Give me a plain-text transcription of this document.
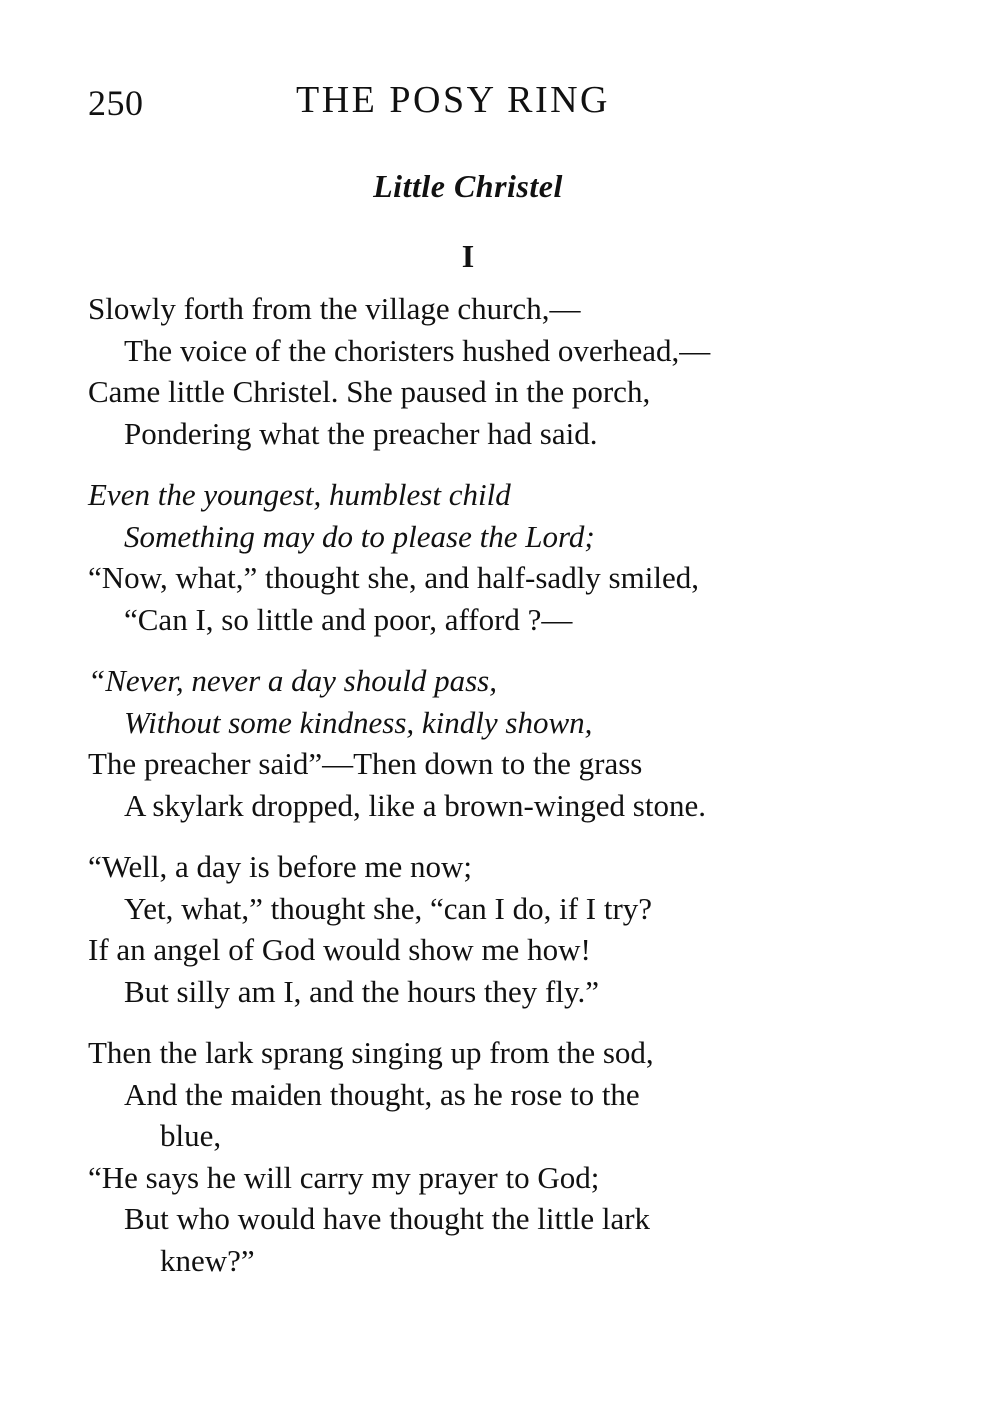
250	THE POSY RING
Little Christel
I
Slowly forth from the village church,—
The voice of the choristers hushed overhead,—
Came little Christel. She paused in the porch,
Pondering what the preacher had said.
Even the youngest, humblest child
Something may do to please the Lord;
“Now, what,” thought she, and half-sadly smiled,
“Can I, so little and poor, afford ?—
“Never, never a day should pass,
Without some kindness, kindly shown,
The preacher said”—Then down to the grass
A skylark dropped, like a brown-winged stone.
“Well, a day is before me now;
Yet, what,” thought she, “can I do, if I try?
If an angel of God would show me how!
But silly am I, and the hours they fly.”
Then the lark sprang singing up from the sod,
And the maiden thought, as he rose to the
blue,
“He says he will carry my prayer to God;
But who would have thought the little lark
knew?”
